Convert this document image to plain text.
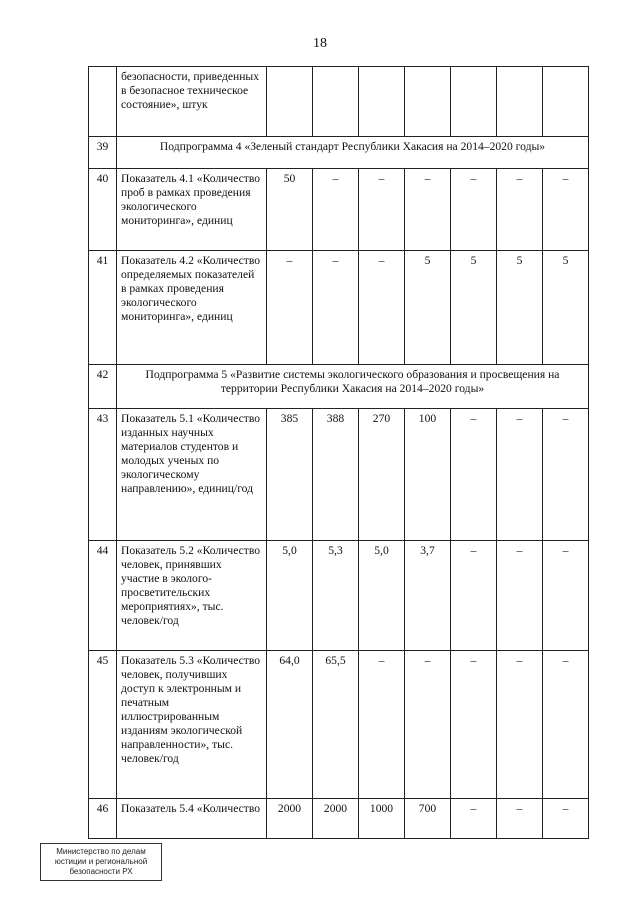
18
	безопасности, приведенных в безопасное техническое состояние», штук							
39	Подпрограмма 4 «Зеленый стандарт Республики Хакасия на 2014–2020 годы»							
40	Показатель 4.1 «Количество проб в рамках проведения экологического мониторинга», единиц	50	–	–	–	–	–	–
41	Показатель 4.2 «Количество определяемых показателей в рамках проведения экологического мониторинга», единиц	–	–	–	5	5	5	5
42	Подпрограмма 5 «Развитие системы экологического образования и просвещения на территории Республики Хакасия на 2014–2020 годы»							
43	Показатель 5.1 «Количество изданных научных материалов студентов и молодых ученых по экологическому направлению», единиц/год	385	388	270	100	–	–	–
44	Показатель 5.2 «Количество человек, принявших участие в эколого-просветительских мероприятиях», тыс. человек/год	5,0	5,3	5,0	3,7	–	–	–
45	Показатель 5.3 «Количество человек, получивших доступ к электронным и печатным иллюстрированным изданиям экологической направленности», тыс. человек/год	64,0	65,5	–	–	–	–	–
46	Показатель 5.4 «Количество	2000	2000	1000	700	–	–	–
Министерство по делам юстиции и региональной безопасности РХ
